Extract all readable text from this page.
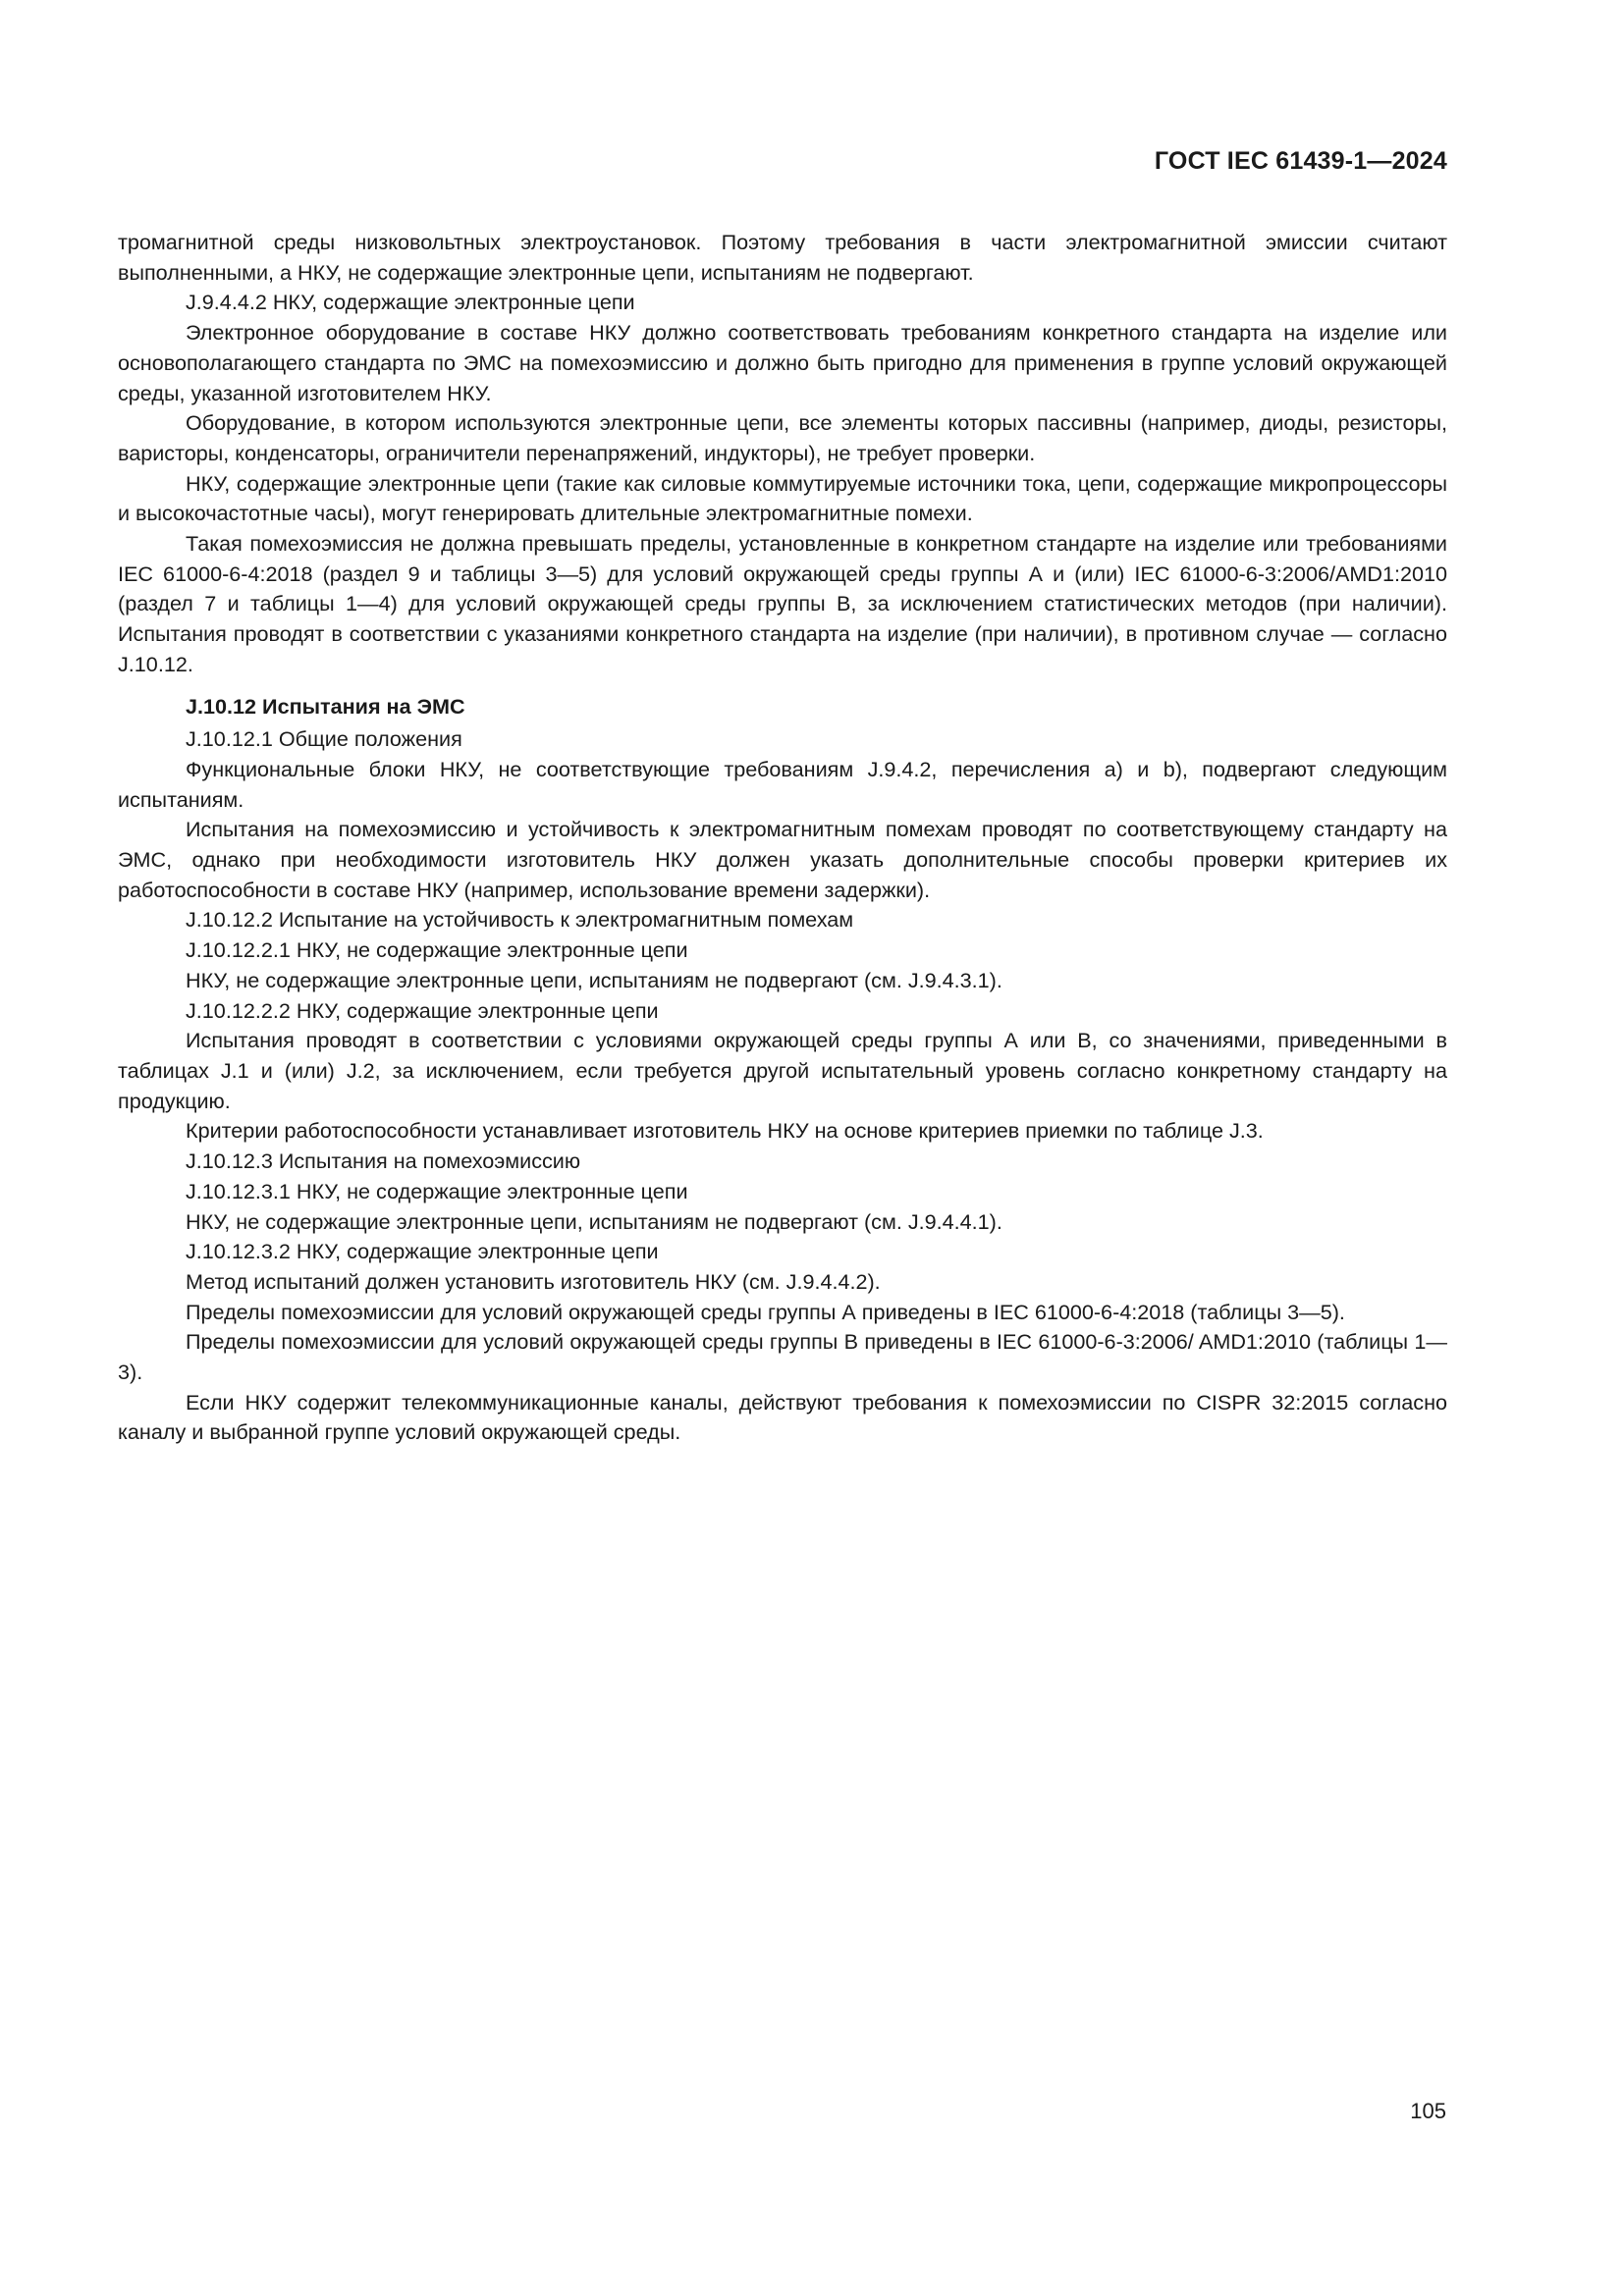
ГОСТ IEC 61439-1—2024

тромагнитной среды низковольтных электроустановок. Поэтому требования в части электромагнитной эмиссии считают выполненными, а НКУ, не содержащие электронные цепи, испытаниям не подвергают.

J.9.4.4.2 НКУ, содержащие электронные цепи

Электронное оборудование в составе НКУ должно соответствовать требованиям конкретного стандарта на изделие или основополагающего стандарта по ЭМС на помехоэмиссию и должно быть пригодно для применения в группе условий окружающей среды, указанной изготовителем НКУ.

Оборудование, в котором используются электронные цепи, все элементы которых пассивны (например, диоды, резисторы, варисторы, конденсаторы, ограничители перенапряжений, индукторы), не требует проверки.

НКУ, содержащие электронные цепи (такие как силовые коммутируемые источники тока, цепи, содержащие микропроцессоры и высокочастотные часы), могут генерировать длительные электромагнитные помехи.

Такая помехоэмиссия не должна превышать пределы, установленные в конкретном стандарте на изделие или требованиями IEC 61000-6-4:2018 (раздел 9 и таблицы 3—5) для условий окружающей среды группы А и (или) IEC 61000-6-3:2006/AMD1:2010 (раздел 7 и таблицы 1—4) для условий окружающей среды группы В, за исключением статистических методов (при наличии). Испытания проводят в соответствии с указаниями конкретного стандарта на изделие (при наличии), в противном случае — согласно J.10.12.

J.10.12 Испытания на ЭМС

J.10.12.1 Общие положения

Функциональные блоки НКУ, не соответствующие требованиям J.9.4.2, перечисления a) и b), подвергают следующим испытаниям.

Испытания на помехоэмиссию и устойчивость к электромагнитным помехам проводят по соответствующему стандарту на ЭМС, однако при необходимости изготовитель НКУ должен указать дополнительные способы проверки критериев их работоспособности в составе НКУ (например, использование времени задержки).

J.10.12.2 Испытание на устойчивость к электромагнитным помехам

J.10.12.2.1 НКУ, не содержащие электронные цепи

НКУ, не содержащие электронные цепи, испытаниям не подвергают (см. J.9.4.3.1).

J.10.12.2.2 НКУ, содержащие электронные цепи

Испытания проводят в соответствии с условиями окружающей среды группы А или В, со значениями, приведенными в таблицах J.1 и (или) J.2, за исключением, если требуется другой испытательный уровень согласно конкретному стандарту на продукцию.

Критерии работоспособности устанавливает изготовитель НКУ на основе критериев приемки по таблице J.3.

J.10.12.3 Испытания на помехоэмиссию

J.10.12.3.1 НКУ, не содержащие электронные цепи

НКУ, не содержащие электронные цепи, испытаниям не подвергают (см. J.9.4.4.1).

J.10.12.3.2 НКУ, содержащие электронные цепи

Метод испытаний должен установить изготовитель НКУ (см. J.9.4.4.2).

Пределы помехоэмиссии для условий окружающей среды группы А приведены в IEC 61000-6-4:2018 (таблицы 3—5).

Пределы помехоэмиссии для условий окружающей среды группы В приведены в IEC 61000-6-3:2006/ AMD1:2010 (таблицы 1—3).

Если НКУ содержит телекоммуникационные каналы, действуют требования к помехоэмиссии по CISPR 32:2015 согласно каналу и выбранной группе условий окружающей среды.

105
